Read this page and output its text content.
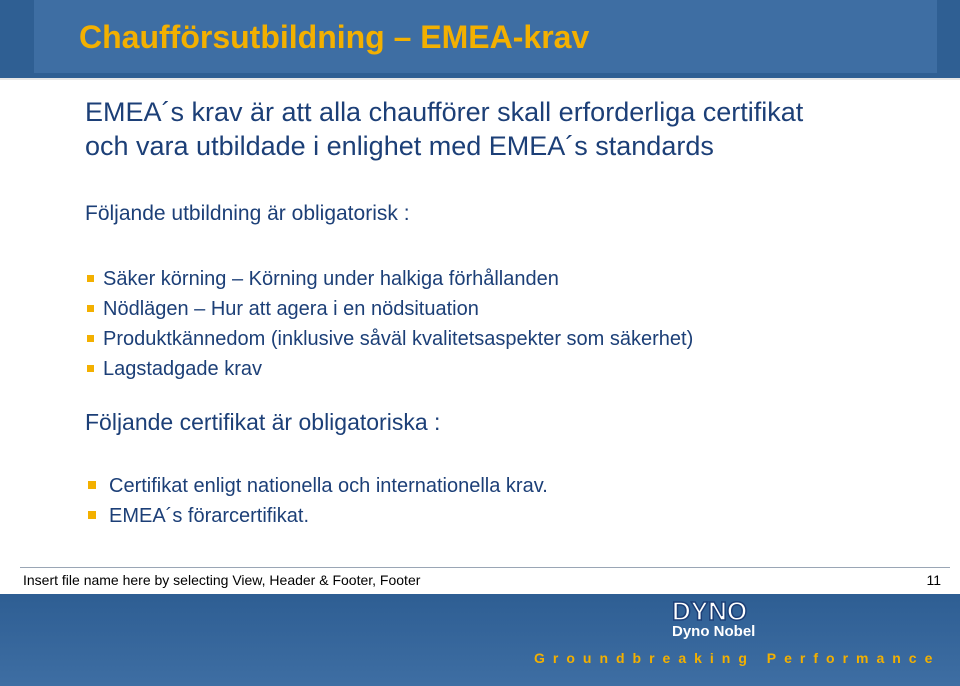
Chaufförsutbildning – EMEA-krav
EMEA´s krav är att alla chaufförer skall erforderliga certifikat
och vara utbildade i enlighet med EMEA´s standards
Följande utbildning är obligatorisk :
Säker körning – Körning under halkiga förhållanden
Nödlägen – Hur att agera i en nödsituation
Produktkännedom (inklusive såväl kvalitetsaspekter som säkerhet)
Lagstadgade krav
Följande certifikat är obligatoriska :
Certifikat enligt nationella och internationella krav.
EMEA´s förarcertifikat.
Insert file name here by selecting View, Header & Footer, Footer	11
DYNO
Dyno Nobel
Groundbreaking Performance
